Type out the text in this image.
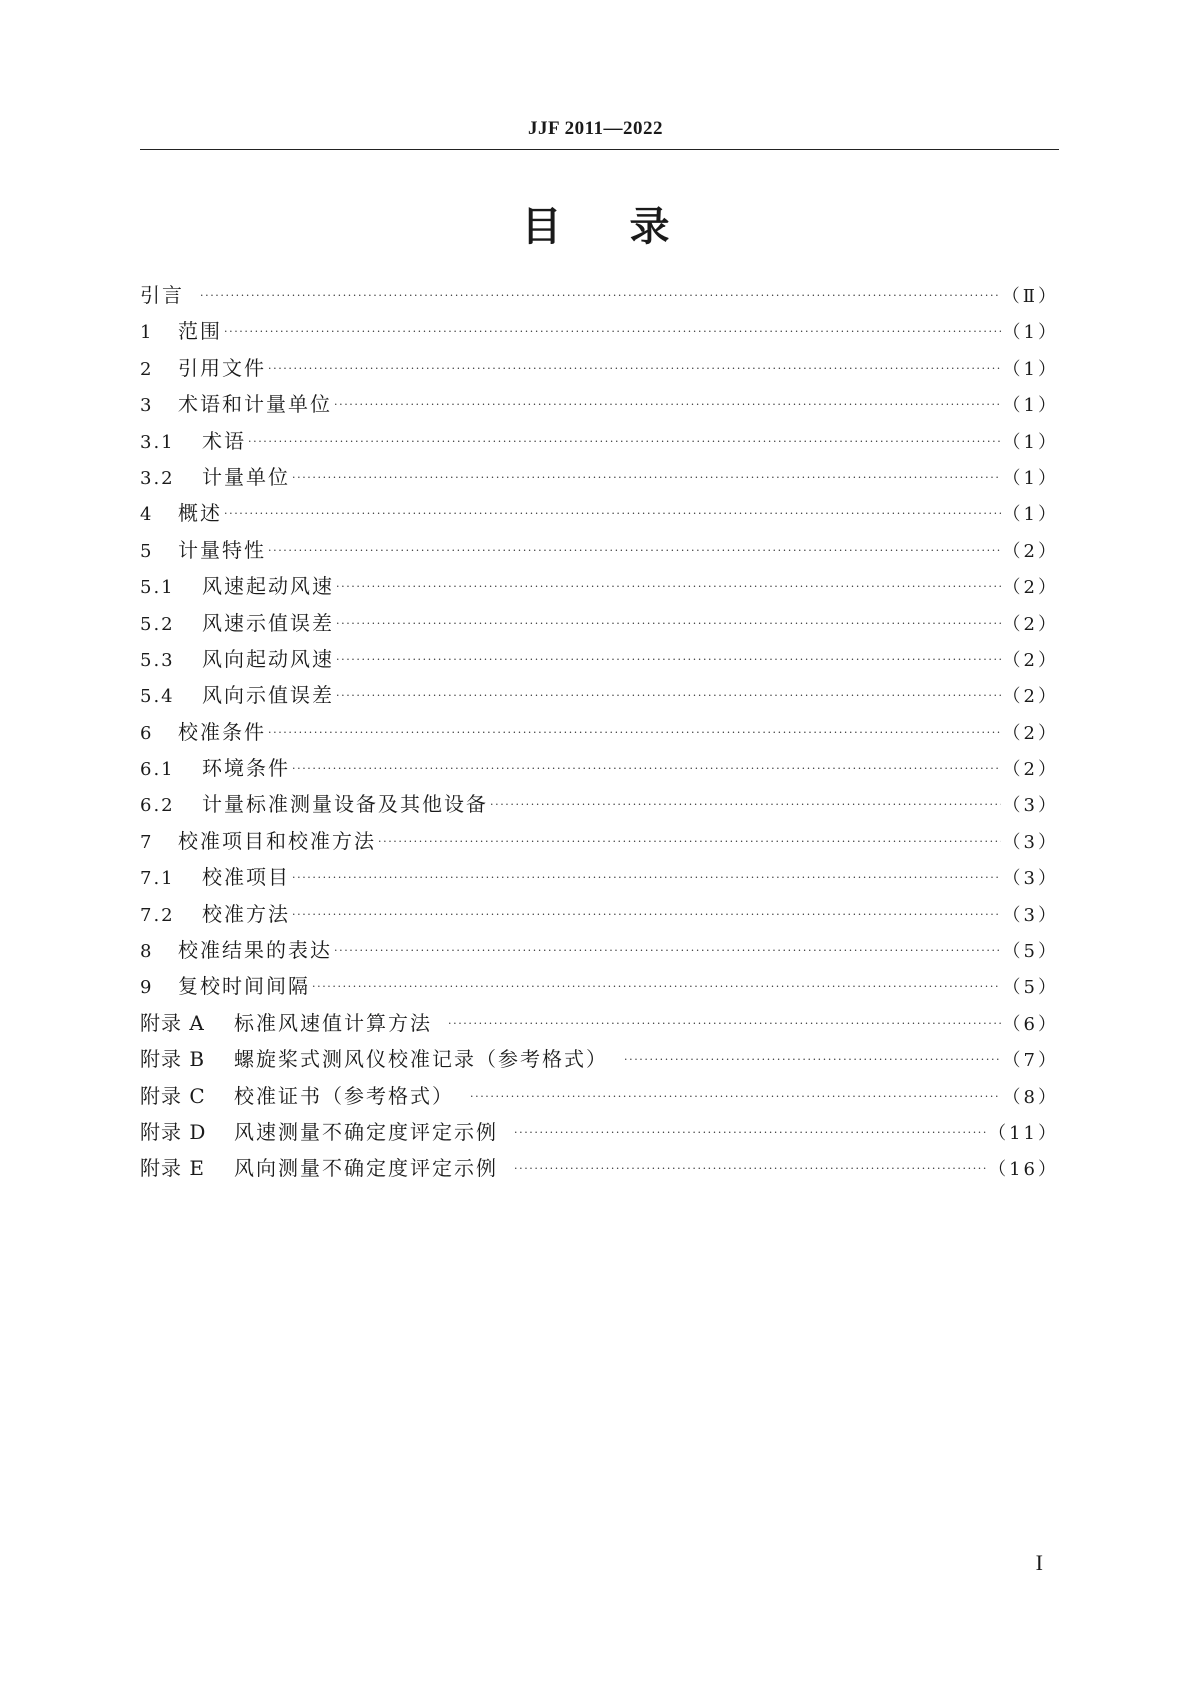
JJF 2011—2022
目录
引言 ·····	（Ⅱ）
1	范围 ·····	（1）
2	引用文件 ·····	（1）
3	术语和计量单位 ·····	（1）
3.1	术语 ·····	（1）
3.2	计量单位 ·····	（1）
4	概述 ·····	（1）
5	计量特性 ·····	（2）
5.1	风速起动风速 ·····	（2）
5.2	风速示值误差 ·····	（2）
5.3	风向起动风速 ·····	（2）
5.4	风向示值误差 ·····	（2）
6	校准条件 ·····	（2）
6.1	环境条件 ·····	（2）
6.2	计量标准测量设备及其他设备 ·····	（3）
7	校准项目和校准方法 ·····	（3）
7.1	校准项目 ·····	（3）
7.2	校准方法 ·····	（3）
8	校准结果的表达 ·····	（5）
9	复校时间间隔 ·····	（5）
附录 A	标准风速值计算方法 ·····	（6）
附录 B	螺旋桨式测风仪校准记录（参考格式） ·····	（7）
附录 C	校准证书（参考格式） ·····	（8）
附录 D	风速测量不确定度评定示例 ·····	（11）
附录 E	风向测量不确定度评定示例 ·····	（16）
I
